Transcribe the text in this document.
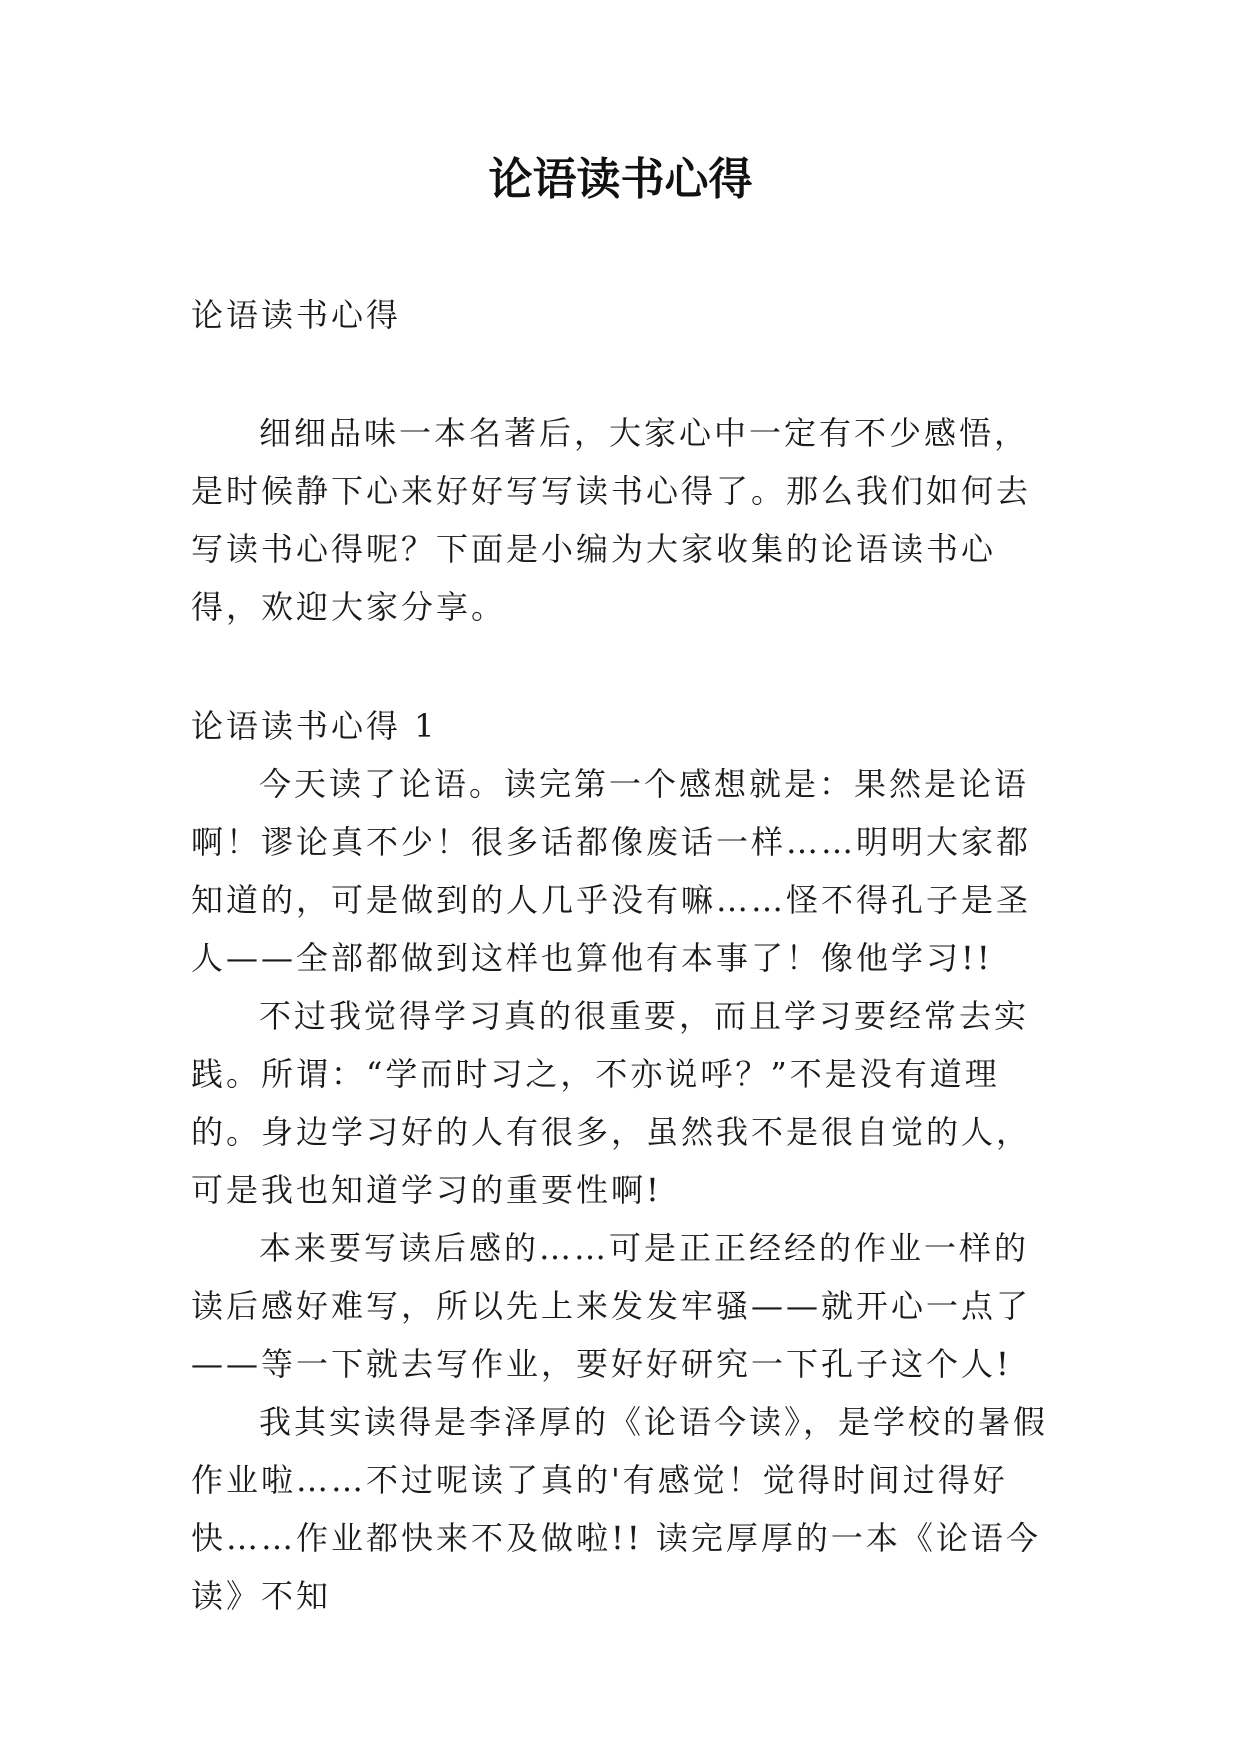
论语读书心得
论语读书心得

细细品味一本名著后，大家心中一定有不少感悟，是时候静下心来好好写写读书心得了。那么我们如何去写读书心得呢？下面是小编为大家收集的论语读书心得，欢迎大家分享。

论语读书心得 1

今天读了论语。读完第一个感想就是：果然是论语啊！谬论真不少！很多话都像废话一样……明明大家都知道的，可是做到的人几乎没有嘛……怪不得孔子是圣人——全部都做到这样也算他有本事了！像他学习!!

不过我觉得学习真的很重要，而且学习要经常去实践。所谓：“学而时习之，不亦说呼？”不是没有道理的。身边学习好的人有很多，虽然我不是很自觉的人，可是我也知道学习的重要性啊!

本来要写读后感的……可是正正经经的作业一样的读后感好难写，所以先上来发发牢骚——就开心一点了——等一下就去写作业，要好好研究一下孔子这个人!

我其实读得是李泽厚的《论语今读》，是学校的暑假作业啦……不过呢读了真的'有感觉！觉得时间过得好快……作业都快来不及做啦!! 读完厚厚的一本《论语今读》不知
